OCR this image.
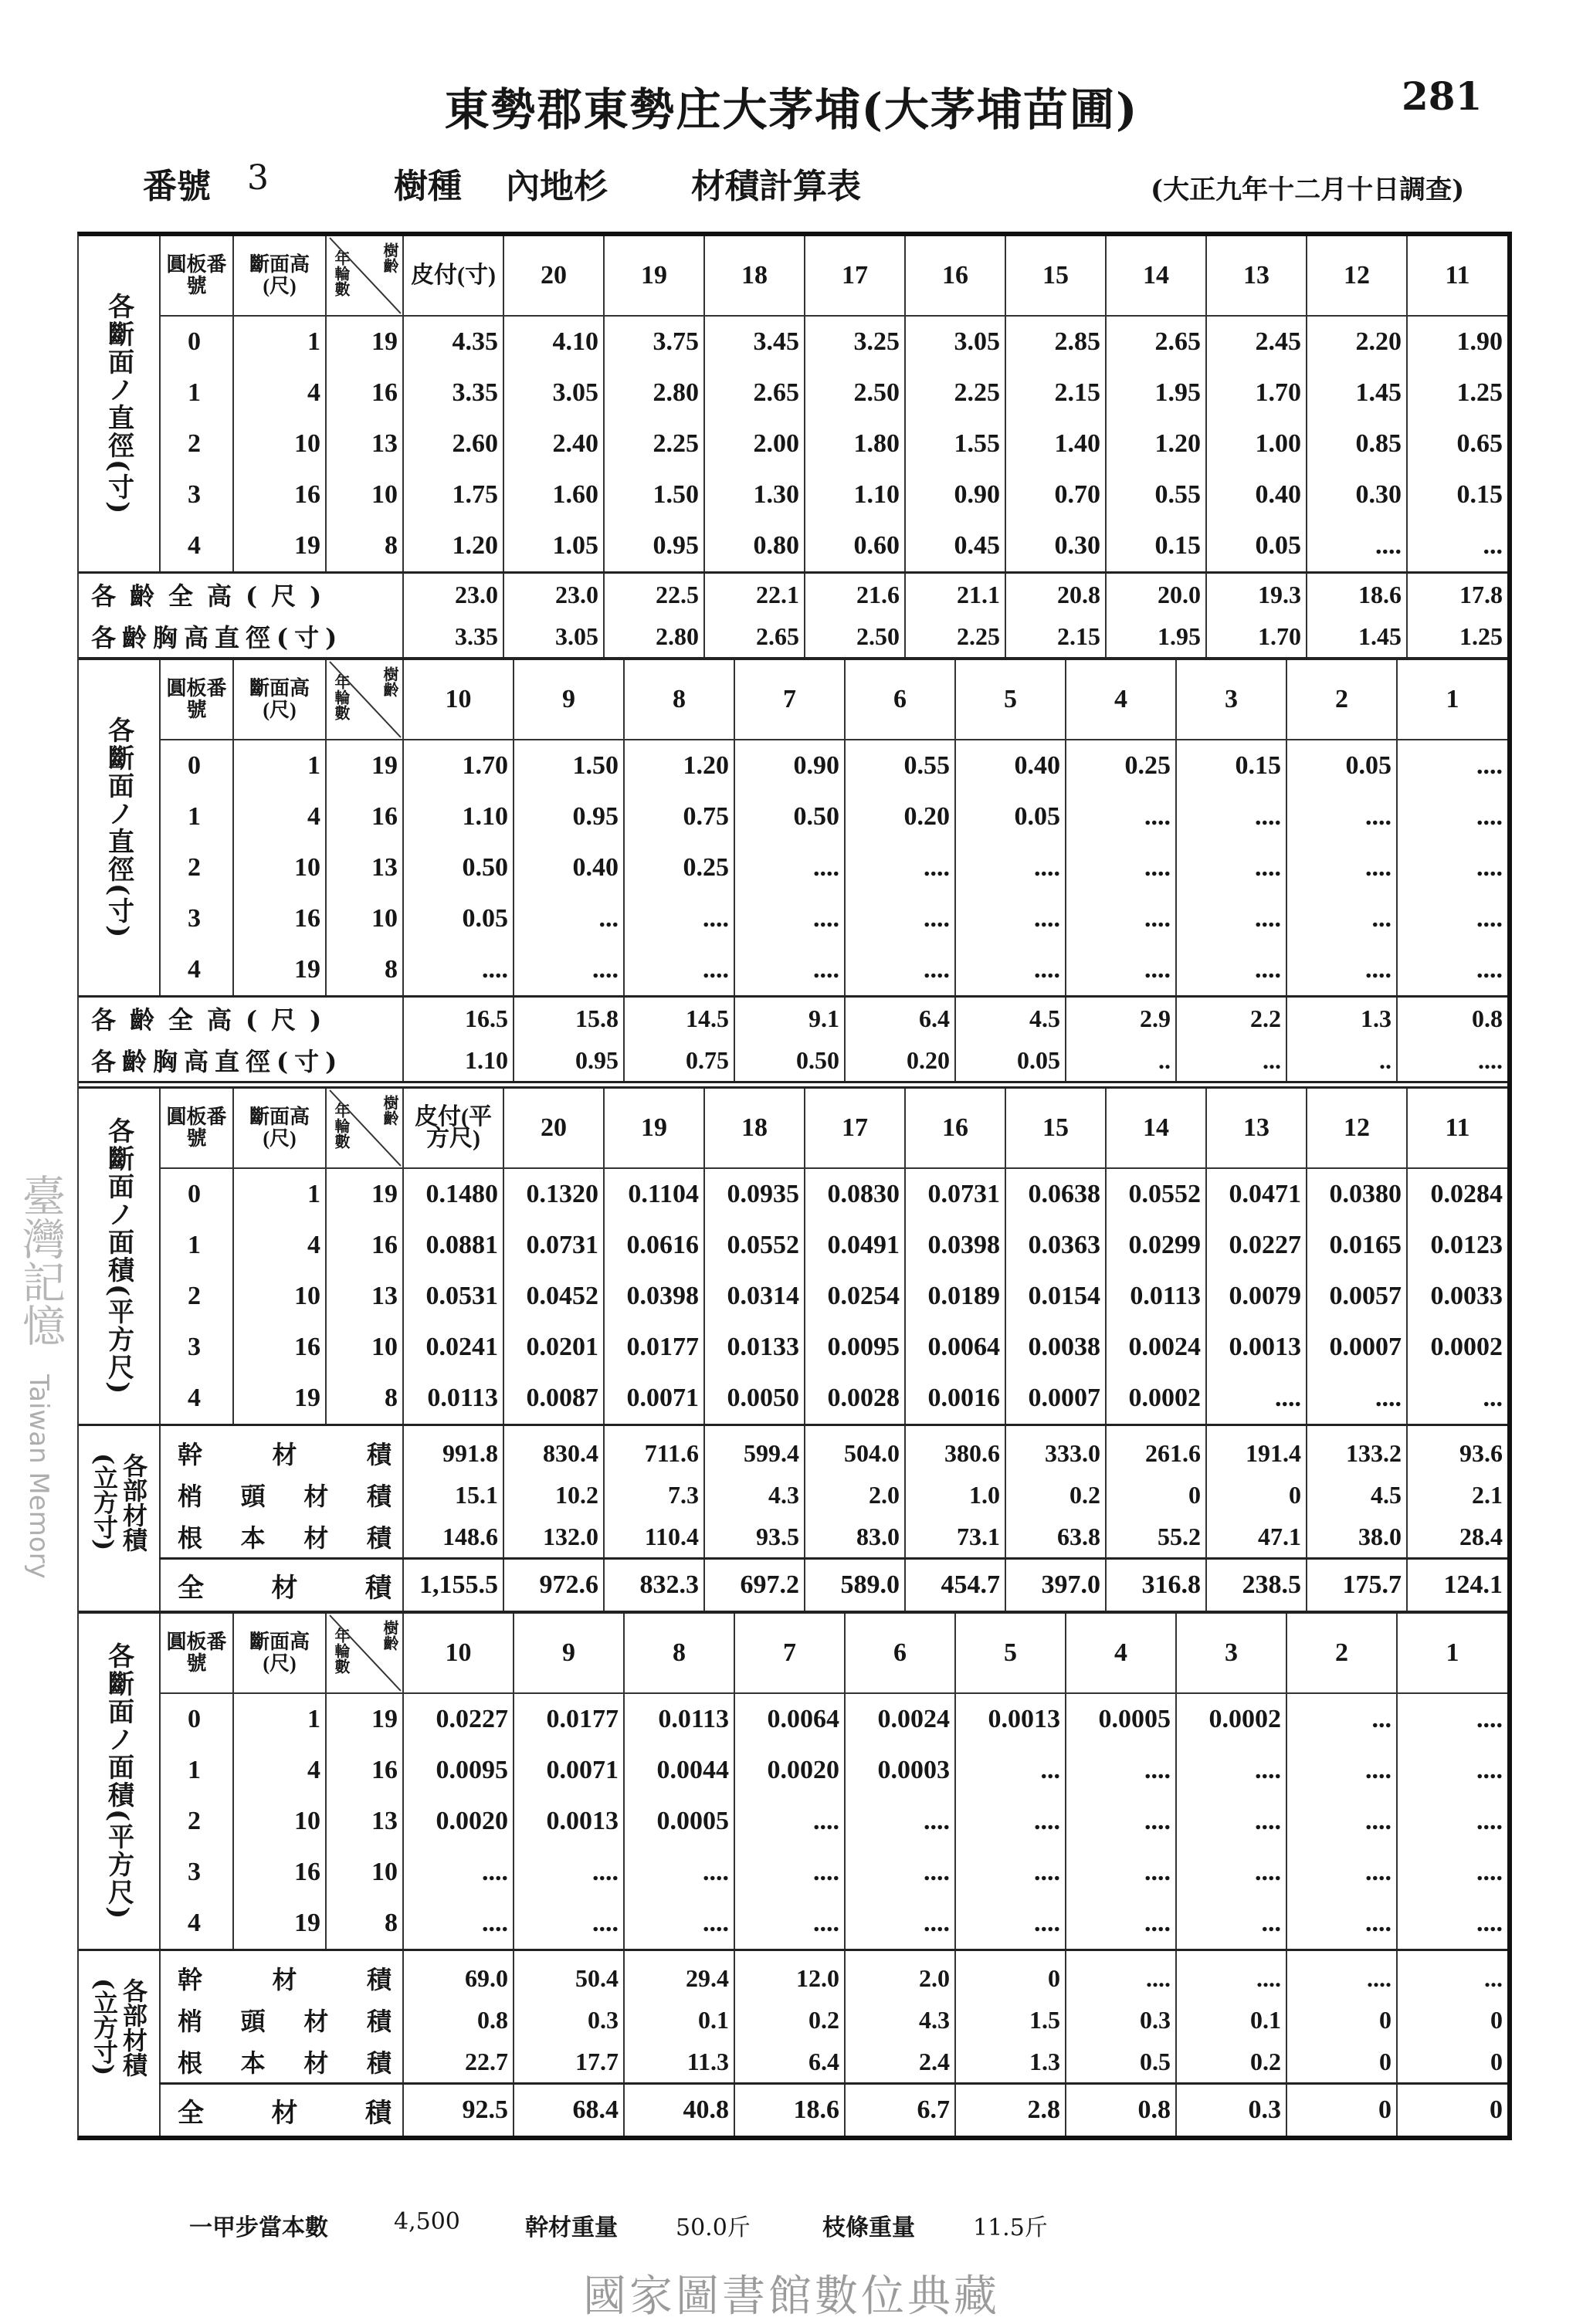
東勢郡東勢庄大茅埔(大茅埔苗圃)	281
番號 3	樹種 內地杉 材積計算表	(大正九年十二月十日調查)
各斷面ノ直徑(寸)	圓板番號	斷面高(尺)	年輪數 樹齡	皮付(寸)	20	19	18	17	16	15	14	13	12	11
	0	1	19	4.35	4.10	3.75	3.45	3.25	3.05	2.85	2.65	2.45	2.20	1.90
	1	4	16	3.35	3.05	2.80	2.65	2.50	2.25	2.15	1.95	1.70	1.45	1.25
	2	10	13	2.60	2.40	2.25	2.00	1.80	1.55	1.40	1.20	1.00	0.85	0.65
	3	16	10	1.75	1.60	1.50	1.30	1.10	0.90	0.70	0.55	0.40	0.30	0.15
	4	19	8	1.20	1.05	0.95	0.80	0.60	0.45	0.30	0.15	0.05	....	...
各齡全高(尺)				23.0	23.0	22.5	22.1	21.6	21.1	20.8	20.0	19.3	18.6	17.8
各齡胸高直徑(寸)				3.35	3.05	2.80	2.65	2.50	2.25	2.15	1.95	1.70	1.45	1.25
各斷面ノ直徑(寸)	圓板番號	斷面高(尺)	年輪數 樹齡	10	9	8	7	6	5	4	3	2	1
	0	1	19	1.70	1.50	1.20	0.90	0.55	0.40	0.25	0.15	0.05	....
	1	4	16	1.10	0.95	0.75	0.50	0.20	0.05	....	....	....	....
	2	10	13	0.50	0.40	0.25	....	....	....	....	....	....	....
	3	16	10	0.05	...	....	....	....	....	....	....	...	....
	4	19	8	....	....	....	....	....	....	....	....	....	....
各齡全高(尺)				16.5	15.8	14.5	9.1	6.4	4.5	2.9	2.2	1.3	0.8
各齡胸高直徑(寸)				1.10	0.95	0.75	0.50	0.20	0.05	..	...	..	....
各斷面ノ面積(平方尺)	圓板番號	斷面高(尺)	年輪數 樹齡	皮付(平方尺)	20	19	18	17	16	15	14	13	12	11
	0	1	19	0.1480	0.1320	0.1104	0.0935	0.0830	0.0731	0.0638	0.0552	0.0471	0.0380	0.0284
	1	4	16	0.0881	0.0731	0.0616	0.0552	0.0491	0.0398	0.0363	0.0299	0.0227	0.0165	0.0123
	2	10	13	0.0531	0.0452	0.0398	0.0314	0.0254	0.0189	0.0154	0.0113	0.0079	0.0057	0.0033
	3	16	10	0.0241	0.0201	0.0177	0.0133	0.0095	0.0064	0.0038	0.0024	0.0013	0.0007	0.0002
	4	19	8	0.0113	0.0087	0.0071	0.0050	0.0028	0.0016	0.0007	0.0002	....	....	...
各部材積(立方寸)	幹材積			991.8	830.4	711.6	599.4	504.0	380.6	333.0	261.6	191.4	133.2	93.6
	梢頭材積			15.1	10.2	7.3	4.3	2.0	1.0	0.2	0	0	4.5	2.1
	根本材積			148.6	132.0	110.4	93.5	83.0	73.1	63.8	55.2	47.1	38.0	28.4
	全材積			1,155.5	972.6	832.3	697.2	589.0	454.7	397.0	316.8	238.5	175.7	124.1
各斷面ノ面積(平方尺)	圓板番號	斷面高(尺)	年輪數 樹齡	10	9	8	7	6	5	4	3	2	1
	0	1	19	0.0227	0.0177	0.0113	0.0064	0.0024	0.0013	0.0005	0.0002	...	....
	1	4	16	0.0095	0.0071	0.0044	0.0020	0.0003	...	....	....	....	....
	2	10	13	0.0020	0.0013	0.0005	....	....	....	....	....	....	....
	3	16	10	....	....	....	....	....	....	....	....	....	....
	4	19	8	....	....	....	....	....	....	....	...	....	....
各部材積(立方寸)	幹材積			69.0	50.4	29.4	12.0	2.0	0	....	....	....	...
	梢頭材積			0.8	0.3	0.1	0.2	4.3	1.5	0.3	0.1	0	0
	根本材積			22.7	17.7	11.3	6.4	2.4	1.3	0.5	0.2	0	0
	全材積			92.5	68.4	40.8	18.6	6.7	2.8	0.8	0.3	0	0
臺灣記憶
Taiwan Memory
一甲步當本數	4,500	幹材重量	50.0斤	枝條重量	11.5斤
國家圖書館數位典藏
